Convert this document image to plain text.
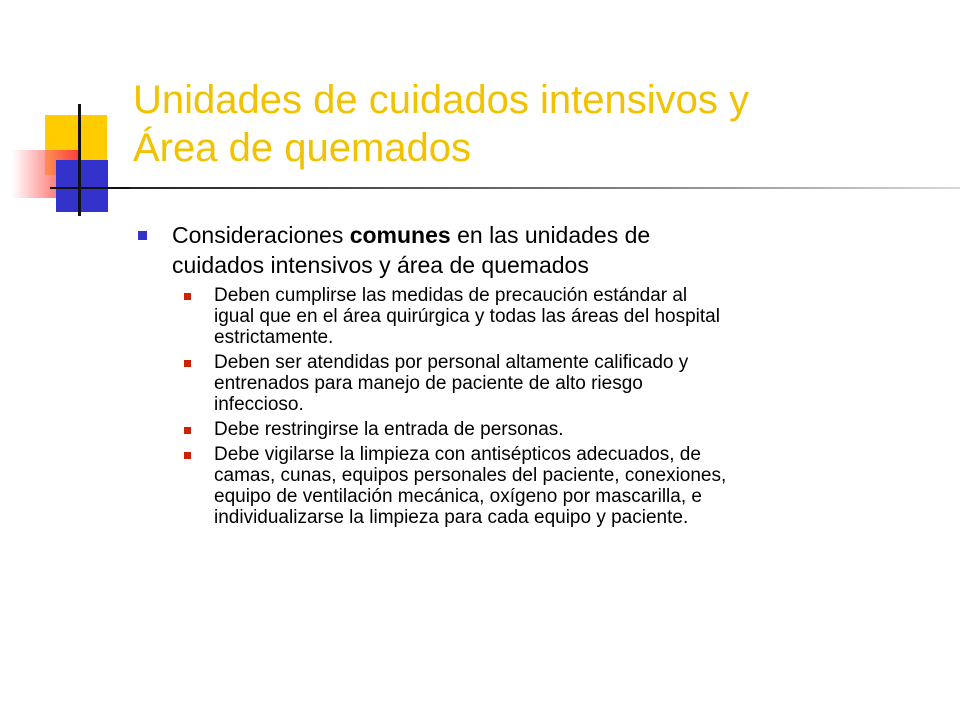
Unidades de cuidados intensivos y
Área de quemados
Consideraciones comunes en las unidades de
cuidados intensivos y área de quemados
Deben cumplirse las medidas de precaución estándar al
igual que en el área quirúrgica y todas las áreas del hospital
estrictamente.
Deben ser atendidas por personal altamente calificado y
entrenados para manejo de paciente de alto riesgo
infeccioso.
Debe restringirse la entrada de personas.
Debe vigilarse la limpieza con antisépticos adecuados, de
camas, cunas, equipos personales del paciente, conexiones,
equipo de ventilación mecánica, oxígeno por mascarilla, e
individualizarse la limpieza para cada equipo y paciente.
